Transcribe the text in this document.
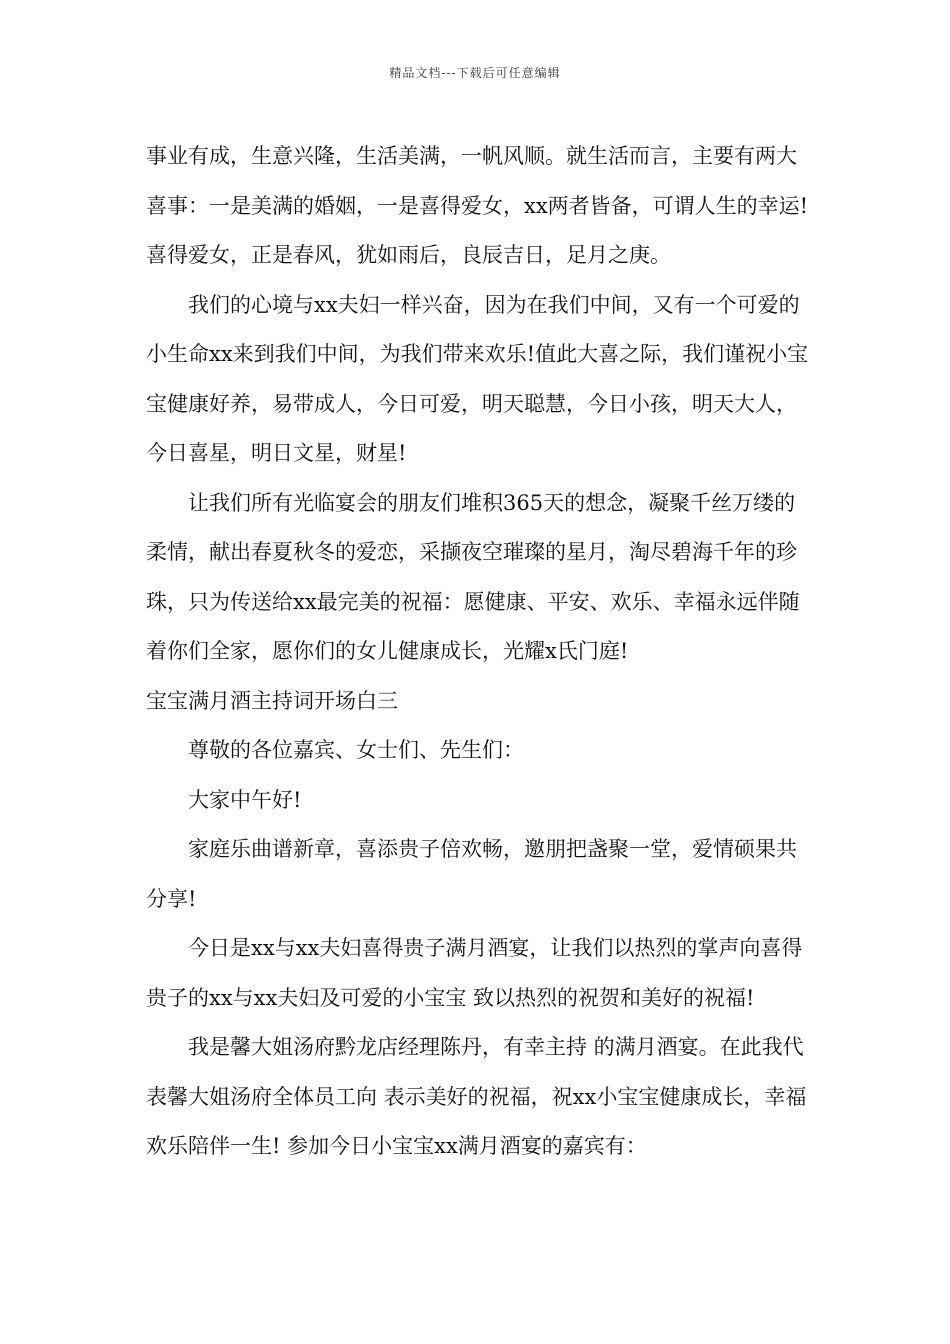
精品文档---下载后可任意编辑

事业有成，生意兴隆，生活美满，一帆风顺。就生活而言，主要有两大喜事：一是美满的婚姻，一是喜得爱女，xx两者皆备，可谓人生的幸运!喜得爱女，正是春风，犹如雨后，良辰吉日，足月之庚。

我们的心境与xx夫妇一样兴奋，因为在我们中间，又有一个可爱的小生命xx来到我们中间，为我们带来欢乐!值此大喜之际，我们谨祝小宝宝健康好养，易带成人，今日可爱，明天聪慧，今日小孩，明天大人，今日喜星，明日文星，财星!

让我们所有光临宴会的朋友们堆积365天的想念，凝聚千丝万缕的柔情，献出春夏秋冬的爱恋，采撷夜空璀璨的星月，淘尽碧海千年的珍珠，只为传送给xx最完美的祝福：愿健康、平安、欢乐、幸福永远伴随着你们全家，愿你们的女儿健康成长，光耀x氏门庭!

宝宝满月酒主持词开场白三

尊敬的各位嘉宾、女士们、先生们：

大家中午好!

家庭乐曲谱新章，喜添贵子倍欢畅，邀朋把盏聚一堂，爱情硕果共分享!

今日是xx与xx夫妇喜得贵子满月酒宴，让我们以热烈的掌声向喜得贵子的xx与xx夫妇及可爱的小宝宝 致以热烈的祝贺和美好的祝福!

我是馨大姐汤府黔龙店经理陈丹，有幸主持 的满月酒宴。在此我代表馨大姐汤府全体员工向 表示美好的祝福，祝xx小宝宝健康成长，幸福欢乐陪伴一生! 参加今日小宝宝xx满月酒宴的嘉宾有：
